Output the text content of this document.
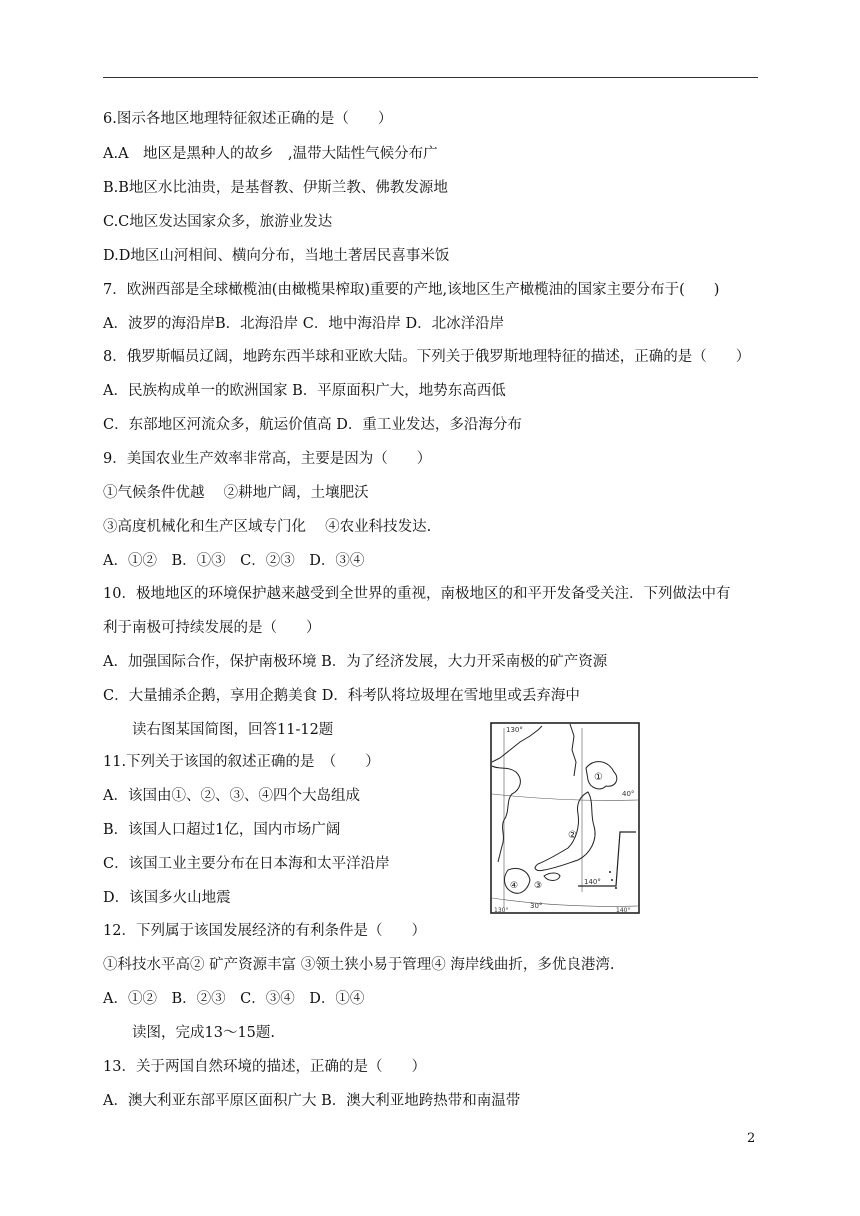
6.图示各地区地理特征叙述正确的是（　　）
A.A　地区是黑种人的故乡　,温带大陆性气候分布广
B.B地区水比油贵，是基督教、伊斯兰教、佛教发源地
C.C地区发达国家众多，旅游业发达
D.D地区山河相间、横向分布，当地土著居民喜事米饭
7．欧洲西部是全球橄榄油(由橄榄果榨取)重要的产地,该地区生产橄榄油的国家主要分布于(　　)
A．波罗的海沿岸B．北海沿岸 C．地中海沿岸 D．北冰洋沿岸
8．俄罗斯幅员辽阔，地跨东西半球和亚欧大陆。下列关于俄罗斯地理特征的描述，正确的是（　　）
A．民族构成单一的欧洲国家 B．平原面积广大，地势东高西低
C．东部地区河流众多，航运价值高 D．重工业发达，多沿海分布
9．美国农业生产效率非常高，主要是因为（　　）
①气候条件优越　 ②耕地广阔，土壤肥沃
③高度机械化和生产区域专门化　 ④农业科技发达.
A．①②　B．①③　C．②③　D．③④
10．极地地区的环境保护越来越受到全世界的重视，南极地区的和平开发备受关注．下列做法中有
利于南极可持续发展的是（　　）
A．加强国际合作，保护南极环境 B．为了经济发展，大力开采南极的矿产资源
C．大量捕杀企鹅，享用企鹅美食 D．科考队将垃圾埋在雪地里或丢弃海中
读右图某国简图，回答11-12题
11.下列关于该国的叙述正确的是　（　　）
A．该国由①、②、③、④四个大岛组成
B．该国人口超过1亿，国内市场广阔
C．该国工业主要分布在日本海和太平洋沿岸
D．该国多火山地震
12．下列属于该国发展经济的有利条件是（　　）
①科技水平高② 矿产资源丰富 ③领土狭小易于管理④ 海岸线曲折，多优良港湾.
A．①②　B．②③　C．③④　D．①④
读图，完成13～15题.
13．关于两国自然环境的描述，正确的是（　　）
A．澳大利亚东部平原区面积广大 B．澳大利亚地跨热带和南温带
130°
40°
140°
30°
130°	140°
①
②
③
④
2
